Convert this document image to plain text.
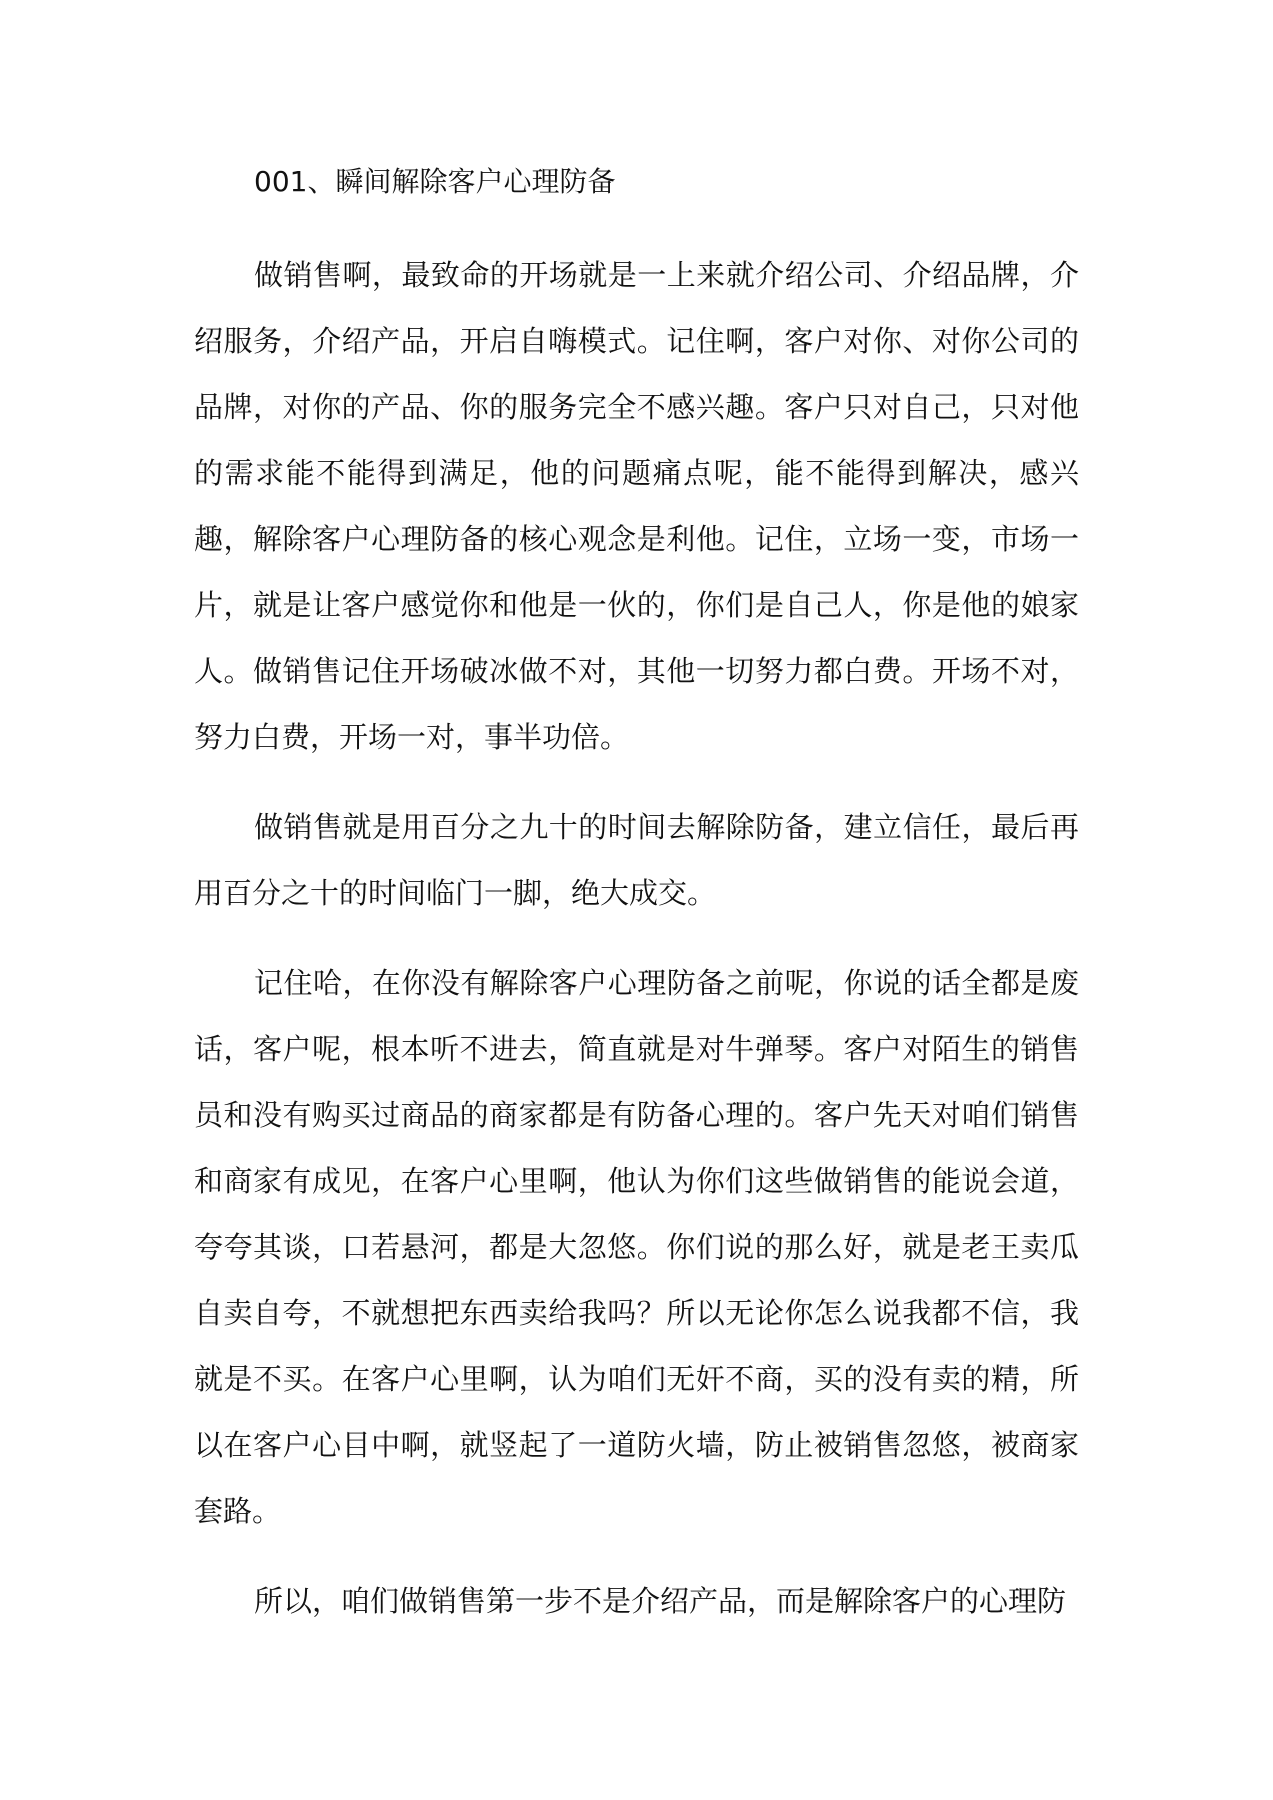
001、瞬间解除客户心理防备

做销售啊，最致命的开场就是一上来就介绍公司、介绍品牌，介绍服务，介绍产品，开启自嗨模式。记住啊，客户对你、对你公司的品牌，对你的产品、你的服务完全不感兴趣。客户只对自己，只对他的需求能不能得到满足，他的问题痛点呢，能不能得到解决，感兴趣，解除客户心理防备的核心观念是利他。记住，立场一变，市场一片，就是让客户感觉你和他是一伙的，你们是自己人，你是他的娘家人。做销售记住开场破冰做不对，其他一切努力都白费。开场不对，努力白费，开场一对，事半功倍。

做销售就是用百分之九十的时间去解除防备，建立信任，最后再用百分之十的时间临门一脚，绝大成交。

记住哈，在你没有解除客户心理防备之前呢，你说的话全都是废话，客户呢，根本听不进去，简直就是对牛弹琴。客户对陌生的销售员和没有购买过商品的商家都是有防备心理的。客户先天对咱们销售和商家有成见，在客户心里啊，他认为你们这些做销售的能说会道，夸夸其谈，口若悬河，都是大忽悠。你们说的那么好，就是老王卖瓜自卖自夸，不就想把东西卖给我吗？所以无论你怎么说我都不信，我就是不买。在客户心里啊，认为咱们无奸不商，买的没有卖的精，所以在客户心目中啊，就竖起了一道防火墙，防止被销售忽悠，被商家套路。

所以，咱们做销售第一步不是介绍产品，而是解除客户的心理防
